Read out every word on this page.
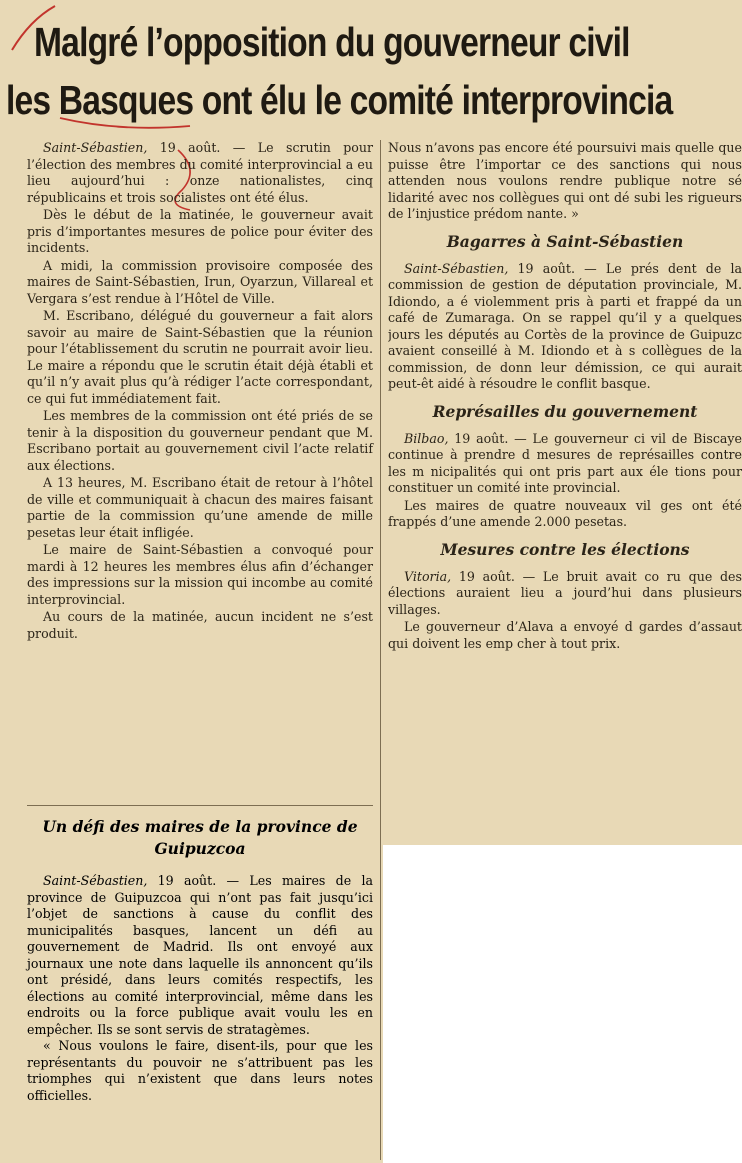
Malgré l’opposition du gouverneur civil
les Basques ont élu le comité interprovincia

Saint-Sébastien, 19 août. — Le scrutin pour l’élection des membres du comité interprovincial a eu lieu aujourd’hui : onze nationalistes, cinq républicains et trois socialistes ont été élus.

Dès le début de la matinée, le gouverneur avait pris d’importantes mesures de police pour éviter des incidents.

A midi, la commission provisoire composée des maires de Saint-Sébastien, Irun, Oyarzun, Villareal et Vergara s’est rendue à l’Hôtel de Ville.

M. Escribano, délégué du gouverneur a fait alors savoir au maire de Saint-Sébastien que la réunion pour l’établissement du scrutin ne pourrait avoir lieu. Le maire a répondu que le scrutin était déjà établi et qu’il n’y avait plus qu’à rédiger l’acte correspondant, ce qui fut immédiatement fait.

Les membres de la commission ont été priés de se tenir à la disposition du gouverneur pendant que M. Escribano portait au gouvernement civil l’acte relatif aux élections.

A 13 heures, M. Escribano était de retour à l’hôtel de ville et communiquait à chacun des maires faisant partie de la commission qu’une amende de mille pesetas leur était infligée.

Le maire de Saint-Sébastien a convoqué pour mardi à 12 heures les membres élus afin d’échanger des impressions sur la mission qui incombe au comité interprovincial.

Au cours de la matinée, aucun incident ne s’est produit.

Un défi des maires de la province de Guipuzcoa

Saint-Sébastien, 19 août. — Les maires de la province de Guipuzcoa qui n’ont pas fait jusqu’ici l’objet de sanctions à cause du conflit des municipalités basques, lancent un défi au gouvernement de Madrid. Ils ont envoyé aux journaux une note dans laquelle ils annoncent qu’ils ont présidé, dans leurs comités respectifs, les élections au comité interprovincial, même dans les endroits ou la force publique avait voulu les en empêcher. Ils se sont servis de stratagèmes.

« Nous voulons le faire, disent-ils, pour que les représentants du pouvoir ne s’attribuent pas les triomphes qui n’existent que dans leurs notes officielles.

Nous n’avons pas encore été poursuivi mais quelle que puisse être l’importar ce des sanctions qui nous attenden nous voulons rendre publique notre sé lidarité avec nos collègues qui ont dé subi les rigueurs de l’injustice prédom nante. »

Bagarres à Saint-Sébastien

Saint-Sébastien, 19 août. — Le prés dent de la commission de gestion de députation provinciale, M. Idiondo, a é violemment pris à parti et frappé da un café de Zumaraga. On se rappel qu’il y a quelques jours les députés au Cortès de la province de Guipuzc avaient conseillé à M. Idiondo et à s collègues de la commission, de donn leur démission, ce qui aurait peut-êt aidé à résoudre le conflit basque.

Représailles du gouvernement

Bilbao, 19 août. — Le gouverneur ci vil de Biscaye continue à prendre d mesures de représailles contre les m nicipalités qui ont pris part aux éle tions pour constituer un comité inte provincial.

Les maires de quatre nouveaux vil ges ont été frappés d’une amende 2.000 pesetas.

Mesures contre les élections

Vitoria, 19 août. — Le bruit avait co ru que des élections auraient lieu a jourd’hui dans plusieurs villages.

Le gouverneur d’Alava a envoyé d gardes d’assaut qui doivent les emp cher à tout prix.
